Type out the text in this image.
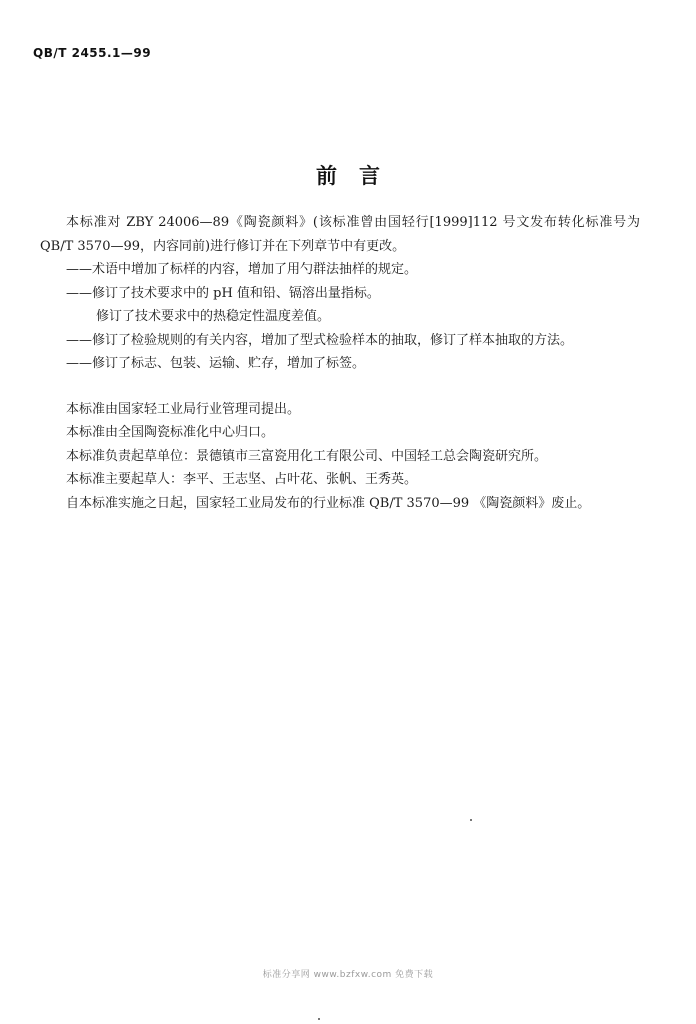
QB/T 2455.1—99
前言

本标准对 ZBY 24006—89《陶瓷颜料》(该标准曾由国轻行[1999]112 号文发布转化标准号为 QB/T 3570—99，内容同前)进行修订并在下列章节中有更改。

——术语中增加了标样的内容，增加了用勺群法抽样的规定。

——修订了技术要求中的 pH 值和铅、镉溶出量指标。

修订了技术要求中的热稳定性温度差值。

——修订了检验规则的有关内容，增加了型式检验样本的抽取，修订了样本抽取的方法。

——修订了标志、包装、运输、贮存，增加了标签。

本标准由国家轻工业局行业管理司提出。

本标准由全国陶瓷标准化中心归口。

本标准负责起草单位：景德镇市三富瓷用化工有限公司、中国轻工总会陶瓷研究所。

本标准主要起草人：李平、王志坚、占叶花、张帆、王秀英。

自本标准实施之日起，国家轻工业局发布的行业标准 QB/T 3570—99 《陶瓷颜料》废止。

标准分享网 www.bzfxw.com 免费下载
